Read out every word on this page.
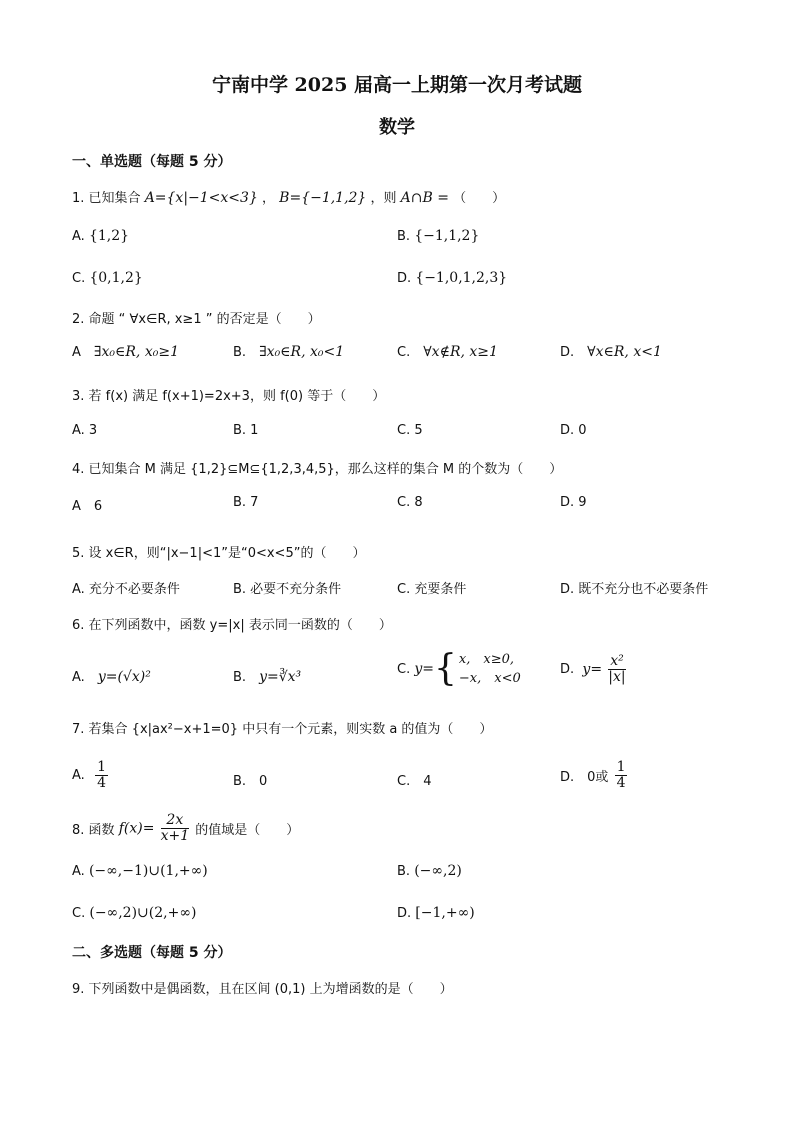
宁南中学 2025 届高一上期第一次月考试题
数学
一、单选题（每题 5 分）
1. 已知集合 A={x|−1<x<3} ， B={−1,1,2} ，则 A∩B = （　　）
A. {1,2}	B. {−1,1,2}
C. {0,1,2}	D. {−1,0,1,2,3}
2. 命题 “ ∀x∈R, x≥1 ” 的否定是（　　）
A　 ∃x₀∈R, x₀≥1	B.　 ∃x₀∈R, x₀<1	C.　 ∀x∉R, x≥1	D.　 ∀x∈R, x<1
3. 若 f(x) 满足 f(x+1)=2x+3，则 f(0) 等于（　　）
A. 3	B. 1	C. 5	D. 0
4. 已知集合 M 满足 {1,2}⊆M⊆{1,2,3,4,5}，那么这样的集合 M 的个数为（　　）
A　6	B. 7	C. 8	D. 9
5. 设 x∈R，则“|x−1|<1”是“0<x<5”的（　　）
A. 充分不必要条件	B. 必要不充分条件	C. 充要条件	D. 既不充分也不必要条件
6. 在下列函数中，函数 y=|x| 表示同一函数的（　　）
A.　 y=(√x)²	B.　 y=∛x³	C.
y= { x,　x≥0,
−x,　x<0
D. $y= \frac{\text{x²}}{|x|}$
7. 若集合 {x|ax²−x+1=0} 中只有一个元素，则实数 a 的值为（　　）
A. $\frac{1}{4}$	B.　0	C.　4	D.　0或 $\frac{1}{4}$
8. 函数 $f(x)= \frac{2x}{x+1}$ 的值域是（　　）
A. (−∞,−1)∪(1,+∞)	B. (−∞,2)
C. (−∞,2)∪(2,+∞)	D. [−1,+∞)
二、多选题（每题 5 分）
9. 下列函数中是偶函数，且在区间 (0,1) 上为增函数的是（　　）
